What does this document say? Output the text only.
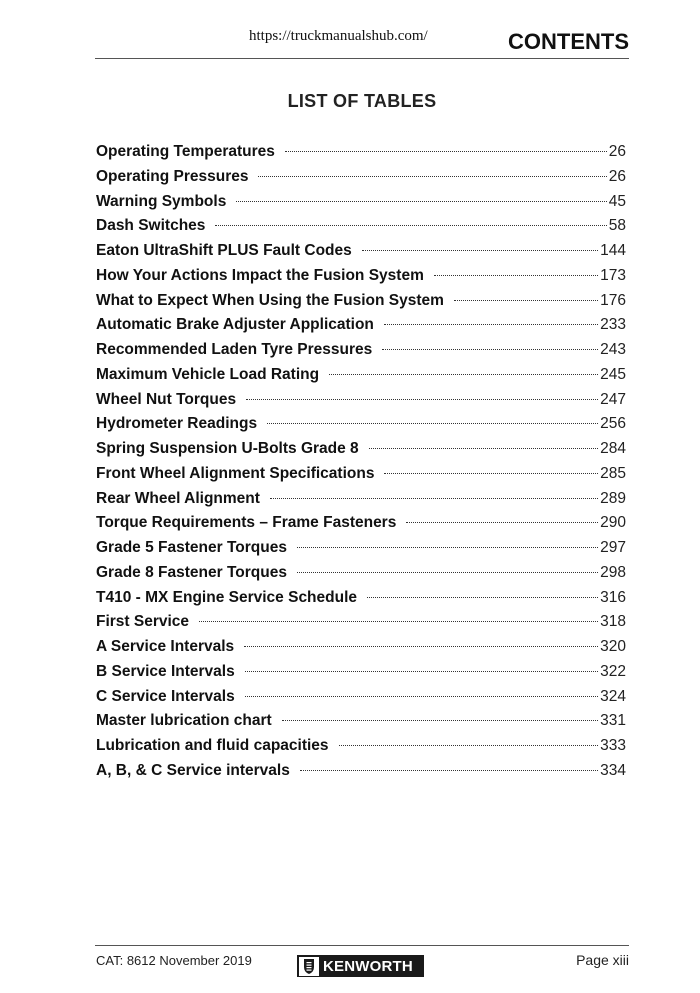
https://truckmanualshub.com/	CONTENTS
LIST OF TABLES
Operating Temperatures	26
Operating Pressures	26
Warning Symbols	45
Dash Switches	58
Eaton UltraShift PLUS Fault Codes	144
How Your Actions Impact the Fusion System	173
What to Expect When Using the Fusion System	176
Automatic Brake Adjuster Application	233
Recommended Laden Tyre Pressures	243
Maximum Vehicle Load Rating	245
Wheel Nut Torques	247
Hydrometer Readings	256
Spring Suspension U-Bolts Grade 8	284
Front Wheel Alignment Specifications	285
Rear Wheel Alignment	289
Torque Requirements – Frame Fasteners	290
Grade 5 Fastener Torques	297
Grade 8 Fastener Torques	298
T410 - MX Engine Service Schedule	316
First Service	318
A Service Intervals	320
B Service Intervals	322
C Service Intervals	324
Master lubrication chart	331
Lubrication and fluid capacities	333
A, B, & C Service intervals	334
CAT: 8612 November 2019	KENWORTH	Page xiii
